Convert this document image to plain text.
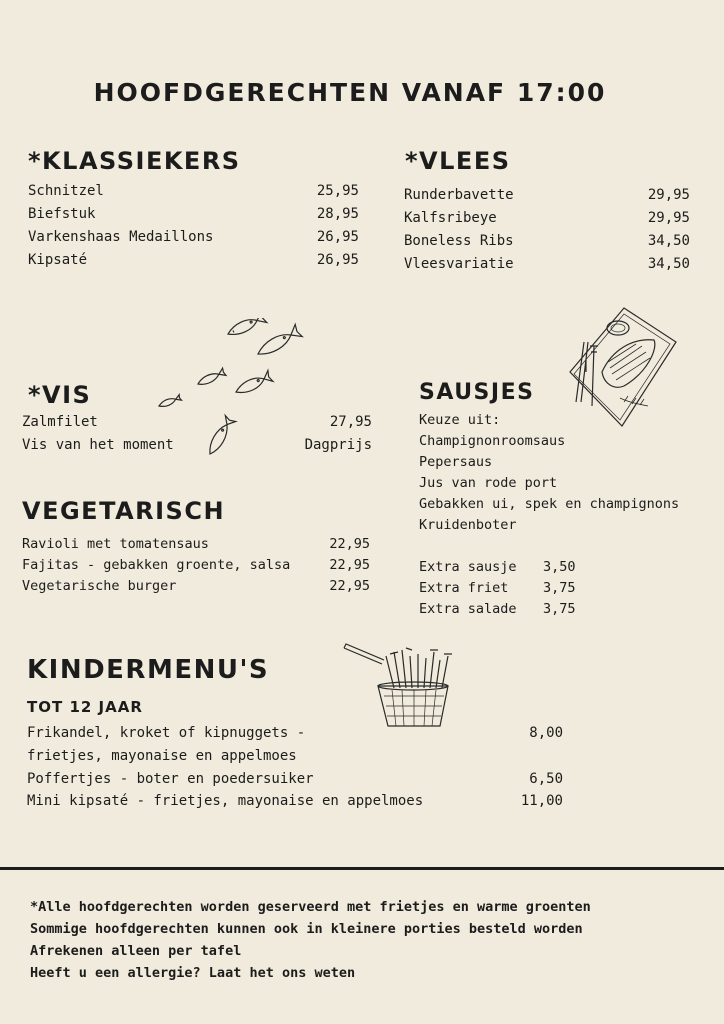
HOOFDGERECHTEN VANAF 17:00
*KLASSIEKERS
Schnitzel	25,95
Biefstuk	28,95
Varkenshaas Medaillons	26,95
Kipsaté	26,95
*VLEES
Runderbavette	29,95
Kalfsribeye	29,95
Boneless Ribs	34,50
Vleesvariatie	34,50
*VIS
Zalmfilet	27,95
Vis van het moment	Dagprijs
SAUSJES
Keuze uit:
Champignonroomsaus
Pepersaus
Jus van rode port
Gebakken ui, spek en champignons
Kruidenboter
Extra sausje 3,50
Extra friet	3,75
Extra salade 3,75
VEGETARISCH
Ravioli met tomatensaus	22,95
Fajitas - gebakken groente, salsa	22,95
Vegetarische burger	22,95
KINDERMENU'S
TOT 12 JAAR
Frikandel, kroket of kipnuggets -	8,00
frietjes, mayonaise en appelmoes
Poffertjes - boter en poedersuiker	6,50
Mini kipsaté - frietjes, mayonaise en appelmoes	11,00
*Alle hoofdgerechten worden geserveerd met frietjes en warme groenten
Sommige hoofdgerechten kunnen ook in kleinere porties besteld worden
Afrekenen alleen per tafel
Heeft u een allergie? Laat het ons weten
